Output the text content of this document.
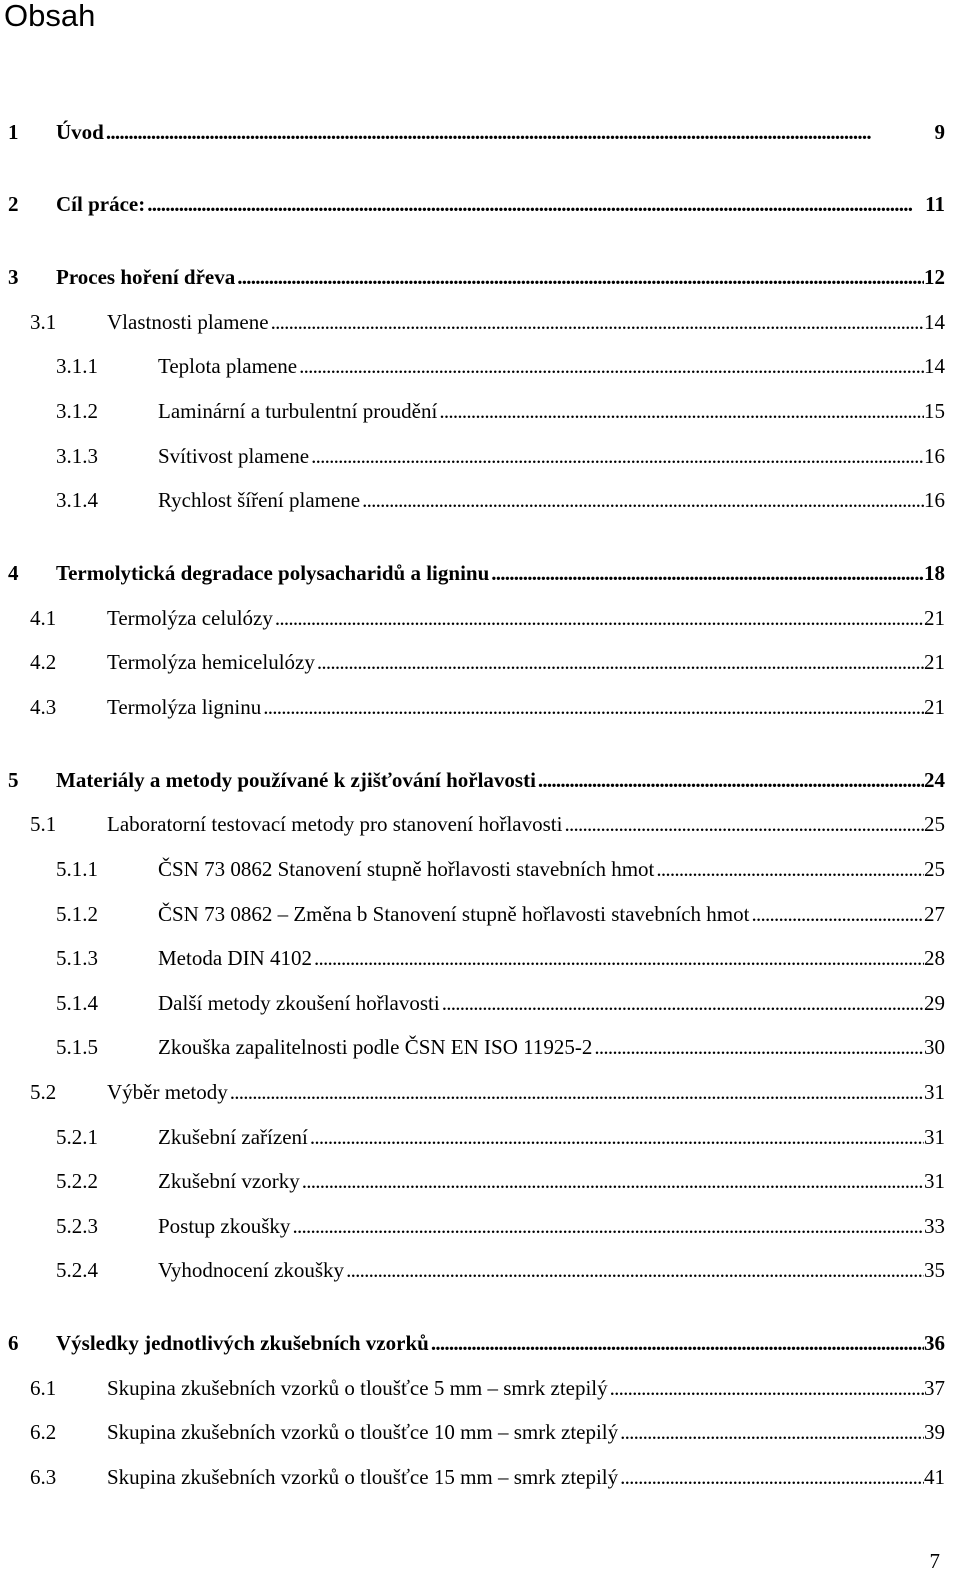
Obsah
1	Úvod . . .	9
2	Cíl práce: . . .	11
3	Proces hoření dřeva . . .	12
3.1	Vlastnosti plamene . . .	14
3.1.1	Teplota plamene . . .	14
3.1.2	Laminární a turbulentní proudění . . .	15
3.1.3	Svítivost plamene . . .	16
3.1.4	Rychlost šíření plamene . . .	16
4	Termolytická degradace polysacharidů a ligninu . . .	18
4.1	Termolýza celulózy . . .	21
4.2	Termolýza hemicelulózy . . .	21
4.3	Termolýza ligninu . . .	21
5	Materiály a metody používané k zjišťování hořlavosti . . .	24
5.1	Laboratorní testovací metody pro stanovení hořlavosti . . .	25
5.1.1	ČSN 73 0862 Stanovení stupně hořlavosti stavebních hmot . . .	25
5.1.2	ČSN 73 0862 – Změna b Stanovení stupně hořlavosti stavebních hmot . . .	27
5.1.3	Metoda DIN 4102 . . .	28
5.1.4	Další metody zkoušení hořlavosti . . .	29
5.1.5	Zkouška zapalitelnosti podle ČSN EN ISO 11925-2 . . .	30
5.2	Výběr metody . . .	31
5.2.1	Zkušební zařízení . . .	31
5.2.2	Zkušební vzorky . . .	31
5.2.3	Postup zkoušky . . .	33
5.2.4	Vyhodnocení zkoušky . . .	35
6	Výsledky jednotlivých zkušebních vzorků . . .	36
6.1	Skupina zkušebních vzorků o tloušťce 5 mm – smrk ztepilý . . .	37
6.2	Skupina zkušebních vzorků o tloušťce 10 mm – smrk ztepilý . . .	39
6.3	Skupina zkušebních vzorků o tloušťce 15 mm – smrk ztepilý . . .	41
7
